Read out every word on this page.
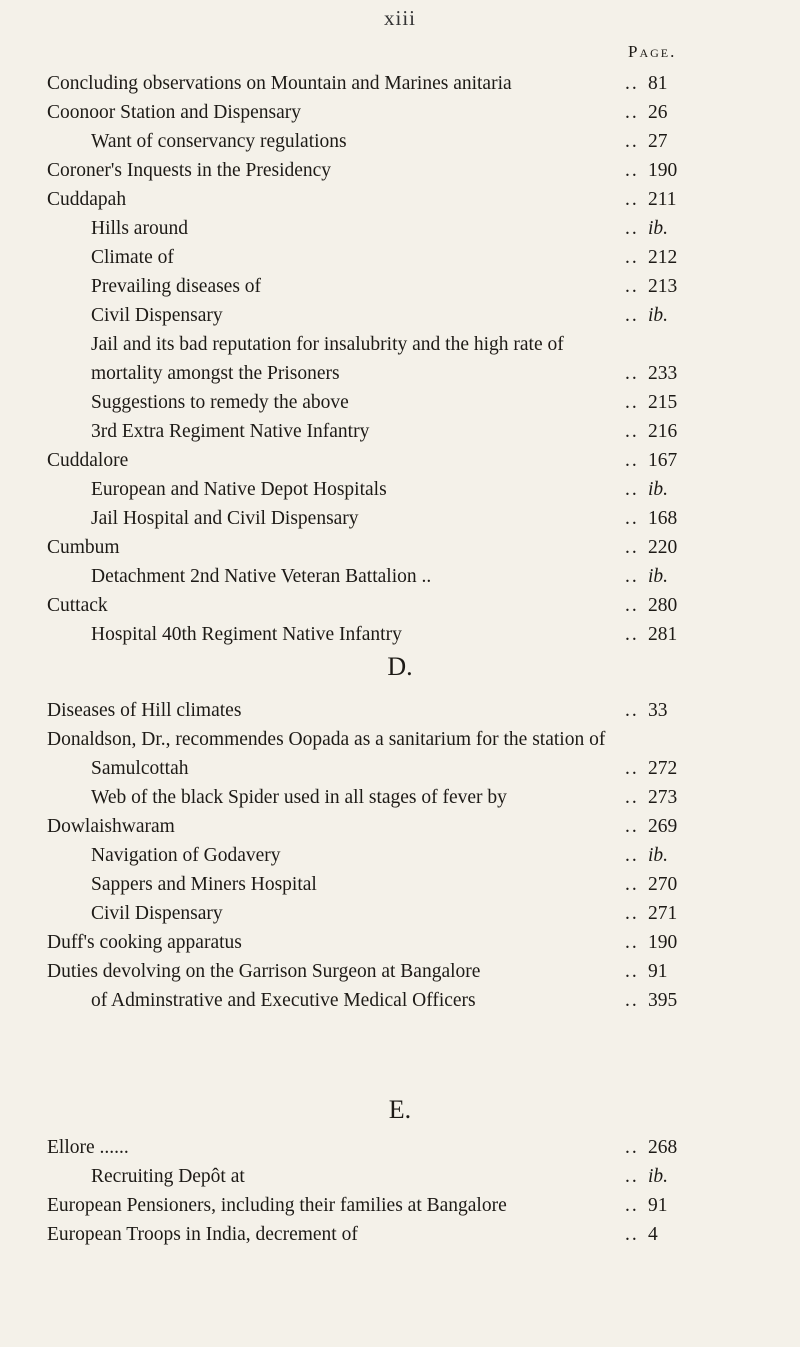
xiii
Page.
Concluding observations on Mountain and Marines anitaria	.. 81
Coonoor Station and Dispensary	.. 26
Want of conservancy regulations	.. 27
Coroner's Inquests in the Presidency	.. 190
Cuddapah	.. 211
Hills around	.. ib.
Climate of	.. 212
Prevailing diseases of	.. 213
Civil Dispensary	.. ib.
Jail and its bad reputation for insalubrity and the high rate of
mortality amongst the Prisoners	.. 233
Suggestions to remedy the above	.. 215
3rd Extra Regiment Native Infantry	.. 216
Cuddalore	.. 167
European and Native Depot Hospitals	.. ib.
Jail Hospital and Civil Dispensary	.. 168
Cumbum	.. 220
Detachment 2nd Native Veteran Battalion ..	.. ib.
Cuttack	.. 280
Hospital 40th Regiment Native Infantry	.. 281
D.
Diseases of Hill climates	.. 33
Donaldson, Dr., recommendes Oopada as a sanitarium for the station of
Samulcottah	.. 272
Web of the black Spider used in all stages of fever by	.. 273
Dowlaishwaram	.. 269
Navigation of Godavery	.. ib.
Sappers and Miners Hospital	.. 270
Civil Dispensary	.. 271
Duff's cooking apparatus	.. 190
Duties devolving on the Garrison Surgeon at Bangalore	.. 91
of Adminstrative and Executive Medical Officers	.. 395
E.
Ellore ......	.. 268
Recruiting Depôt at	.. ib.
European Pensioners, including their families at Bangalore	.. 91
European Troops in India, decrement of	.. 4
